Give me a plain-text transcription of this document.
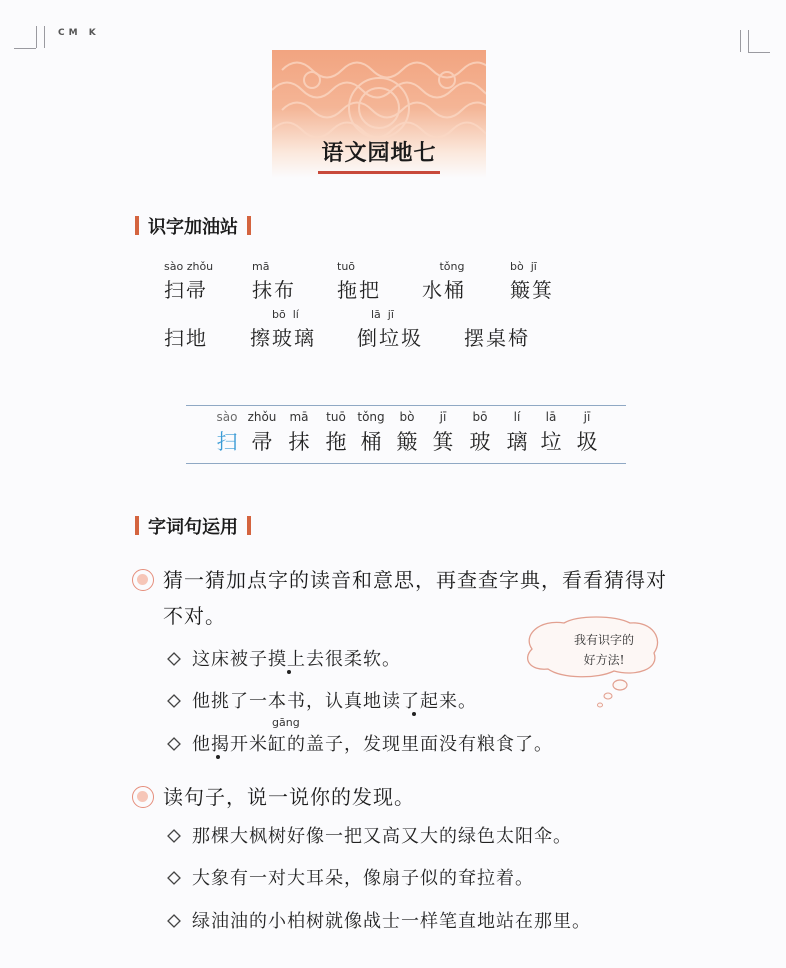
CM K
语文园地七
识字加油站
sào zhǒu
扫帚
mā
抹布
tuō
拖把
tǒng
水桶
bò  jī
簸箕
扫地
bō  lí
擦玻璃
lā  jī
倒垃圾 摆桌椅
sào
扫
zhǒu
帚
mā
抹
tuō
拖
tǒng
桶
bò
簸
jī
箕
bō
玻
lí
璃
lā
垃
jī
圾
字词句运用
猜一猜加点字的读音和意思，再查查字典，看看猜得对
不对。
这床被子摸上去很柔软。
他挑了一本书，认真地读了起来。
gāng
他揭开米缸的盖子，发现里面没有粮食了。
我有识字的
好方法!
读句子，说一说你的发现。
那棵大枫树好像一把又高又大的绿色太阳伞。
大象有一对大耳朵，像扇子似的耷拉着。
绿油油的小柏树就像战士一样笔直地站在那里。
